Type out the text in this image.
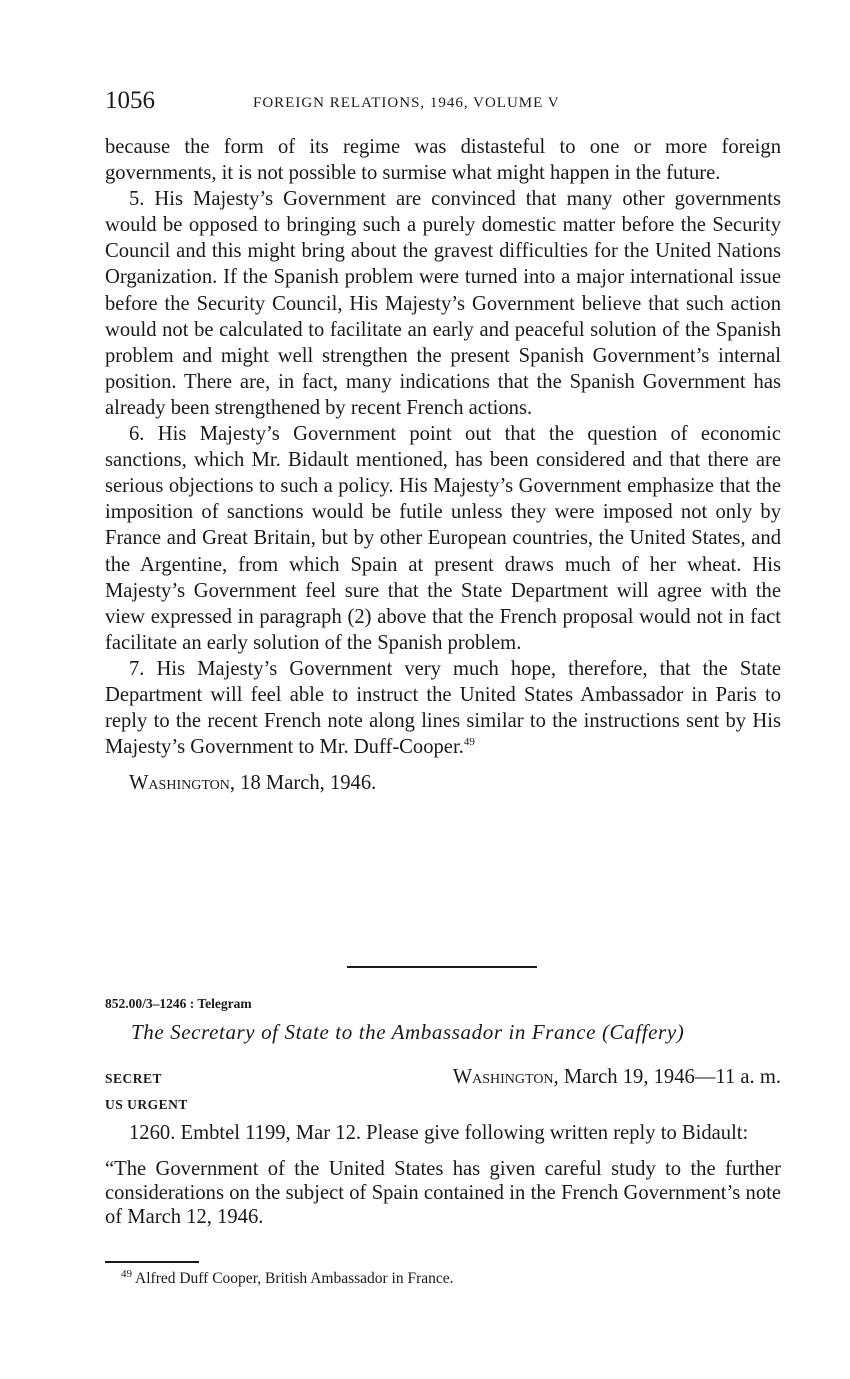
1056	FOREIGN RELATIONS, 1946, VOLUME V

because the form of its regime was distasteful to one or more foreign governments, it is not possible to surmise what might happen in the future.

5. His Majesty’s Government are convinced that many other governments would be opposed to bringing such a purely domestic matter before the Security Council and this might bring about the gravest difficulties for the United Nations Organization. If the Spanish problem were turned into a major international issue before the Security Council, His Majesty’s Government believe that such action would not be calculated to facilitate an early and peaceful solution of the Spanish problem and might well strengthen the present Spanish Government’s internal position. There are, in fact, many indications that the Spanish Government has already been strengthened by recent French actions.

6. His Majesty’s Government point out that the question of economic sanctions, which Mr. Bidault mentioned, has been considered and that there are serious objections to such a policy. His Majesty’s Government emphasize that the imposition of sanctions would be futile unless they were imposed not only by France and Great Britain, but by other European countries, the United States, and the Argentine, from which Spain at present draws much of her wheat. His Majesty’s Government feel sure that the State Department will agree with the view expressed in paragraph (2) above that the French proposal would not in fact facilitate an early solution of the Spanish problem.

7. His Majesty’s Government very much hope, therefore, that the State Department will feel able to instruct the United States Ambassador in Paris to reply to the recent French note along lines similar to the instructions sent by His Majesty’s Government to Mr. Duff-Cooper.$^{49}$

Washington, 18 March, 1946.
852.00/3–1246 : Telegram
The Secretary of State to the Ambassador in France (Caffery)
SECRET
US URGENT
Washington, March 19, 1946—11 a. m.

1260. Embtel 1199, Mar 12. Please give following written reply to Bidault:

“The Government of the United States has given careful study to the further considerations on the subject of Spain contained in the French Government’s note of March 12, 1946.

$^{49}$ Alfred Duff Cooper, British Ambassador in France.
